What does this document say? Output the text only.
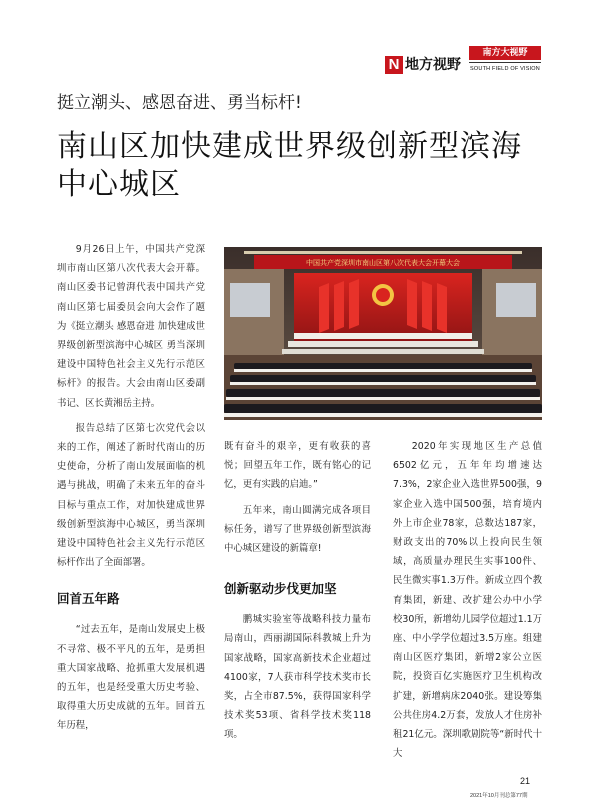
N 地方视野
南方大视野
SOUTH FIELD OF VISION
挺立潮头、感恩奋进、勇当标杆!
南山区加快建成世界级创新型滨海中心城区
中国共产党深圳市南山区第八次代表大会开幕大会

9月26日上午，中国共产党深圳市南山区第八次代表大会开幕。南山区委书记曾湃代表中国共产党南山区第七届委员会向大会作了题为《挺立潮头 感恩奋进 加快建成世界级创新型滨海中心城区 勇当深圳建设中国特色社会主义先行示范区标杆》的报告。大会由南山区委副书记、区长黄湘岳主持。

报告总结了区第七次党代会以来的工作，阐述了新时代南山的历史使命，分析了南山发展面临的机遇与挑战，明确了未来五年的奋斗目标与重点工作，对加快建成世界级创新型滨海中心城区，勇当深圳建设中国特色社会主义先行示范区标杆作出了全面部署。

回首五年路

“过去五年，是南山发展史上极不寻常、极不平凡的五年，是勇担重大国家战略、抢抓重大发展机遇的五年，也是经受重大历史考验、取得重大历史成就的五年。回首五年历程，

既有奋斗的艰辛，更有收获的喜悦；回望五年工作，既有铭心的记忆，更有实践的启迪。”

五年来，南山圆满完成各项目标任务，谱写了世界级创新型滨海中心城区建设的新篇章!

创新驱动步伐更加坚

鹏城实验室等战略科技力量布局南山，西丽湖国际科教城上升为国家战略，国家高新技术企业超过4100家，7人获市科学技术奖市长奖，占全市87.5%，获得国家科学技术奖53项、省科学技术奖118项。

2020年实现地区生产总值6502亿元，五年年均增速达7.3%，2家企业入选世界500强，9家企业入选中国500强，培育境内外上市企业78家，总数达187家，财政支出的70%以上投向民生领域，高质量办理民生实事100件、民生微实事1.3万件。新成立四个教育集团，新建、改扩建公办中小学校30所，新增幼儿园学位超过1.1万座、中小学学位超过3.5万座。组建南山区医疗集团，新增2家公立医院，投资百亿实施医疗卫生机构改扩建，新增病床2040张。建设筹集公共住房4.2万套，发放人才住房补租21亿元。深圳歌剧院等“新时代十大

21
2021年10月刊总第77期
